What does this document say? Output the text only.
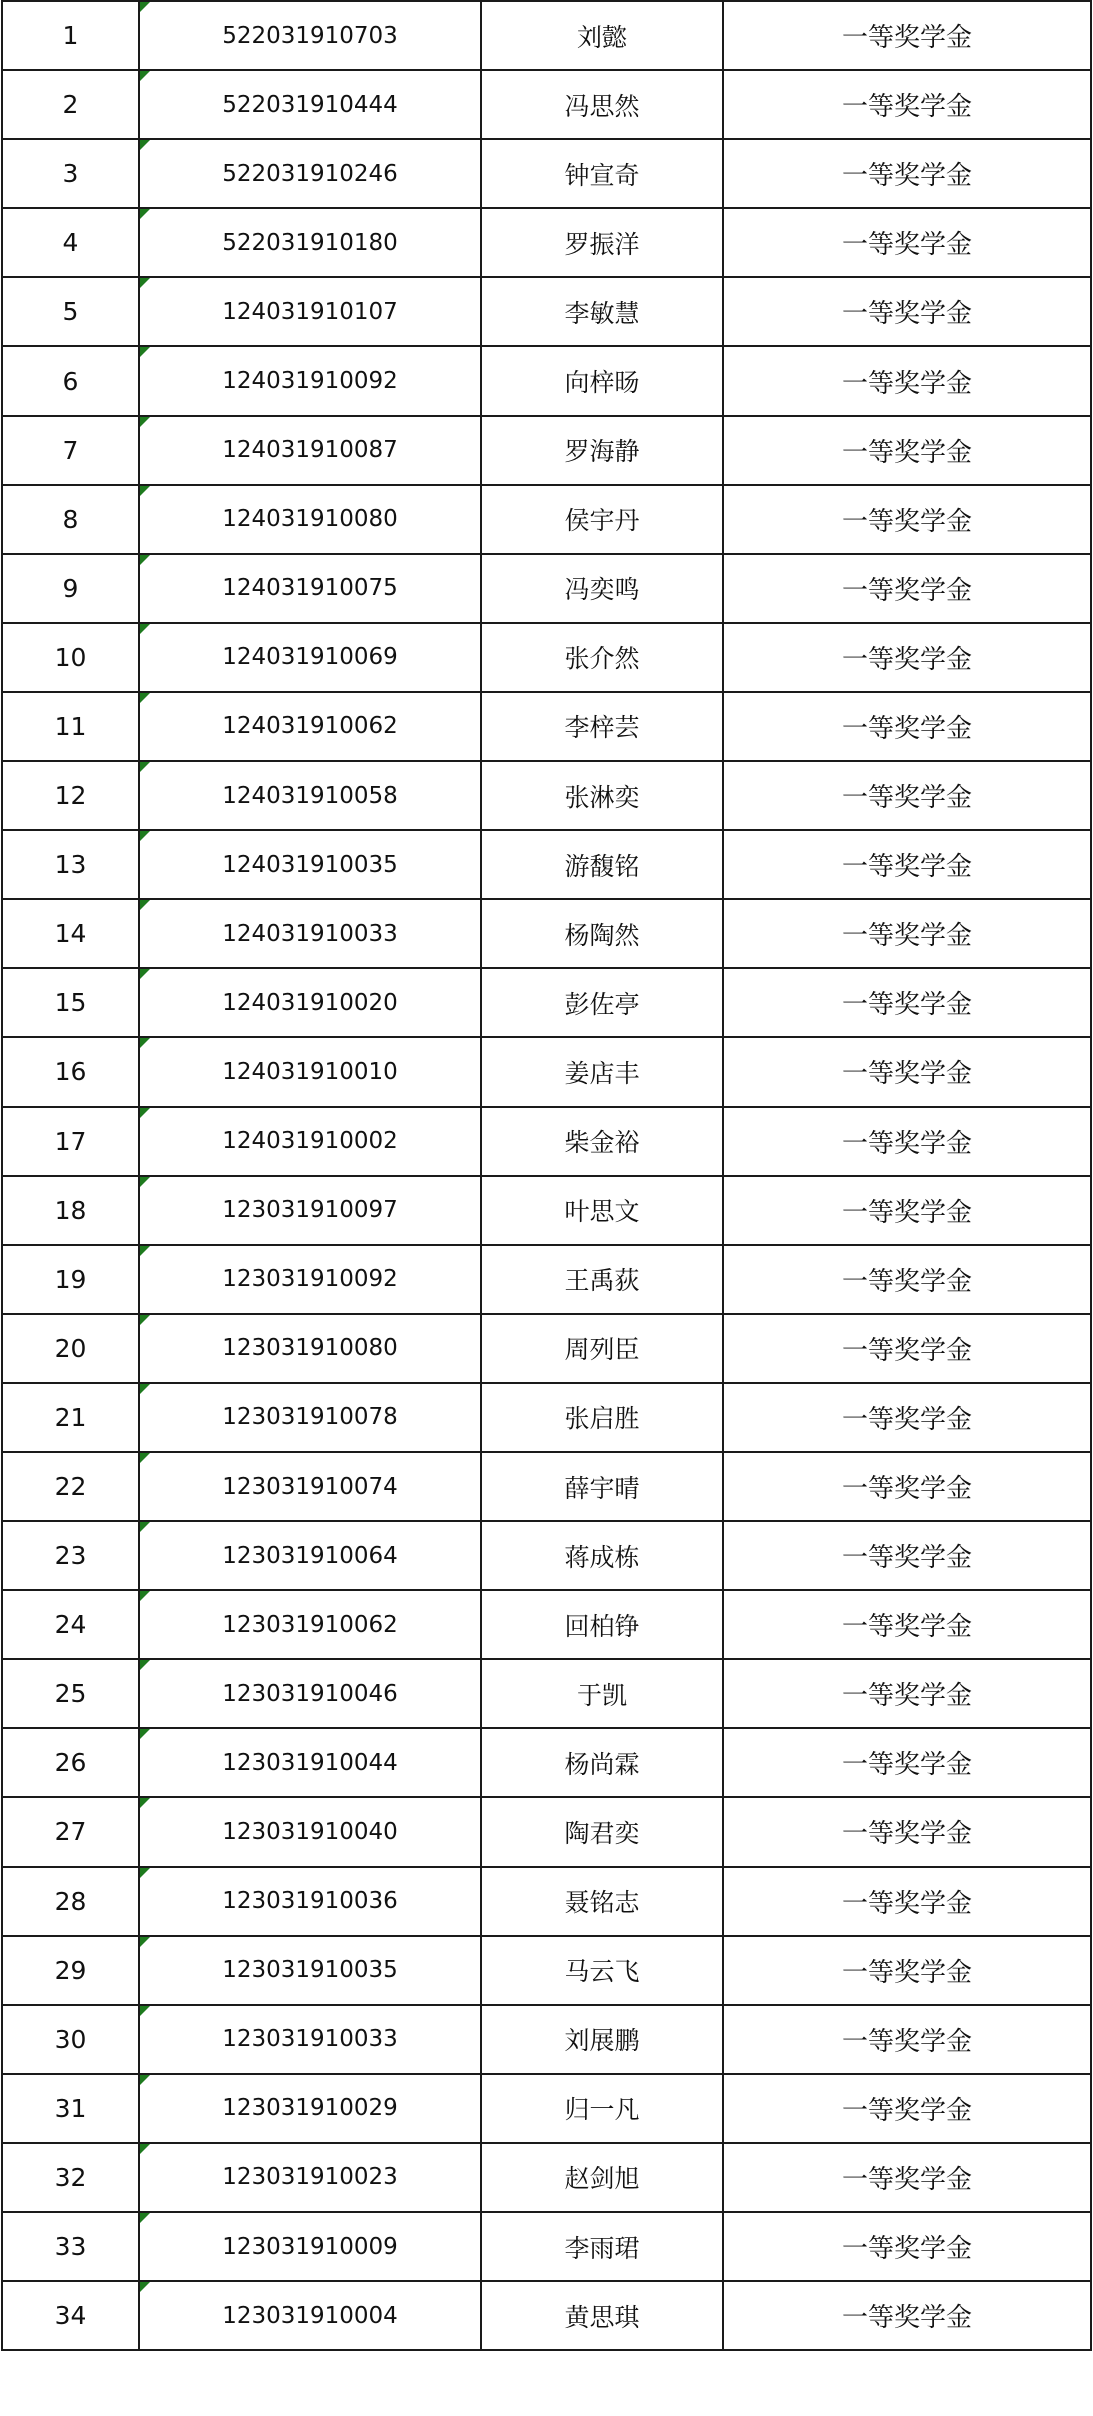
1	522031910703	刘懿	一等奖学金
2	522031910444	冯思然	一等奖学金
3	522031910246	钟宣奇	一等奖学金
4	522031910180	罗振洋	一等奖学金
5	124031910107	李敏慧	一等奖学金
6	124031910092	向梓旸	一等奖学金
7	124031910087	罗海静	一等奖学金
8	124031910080	侯宇丹	一等奖学金
9	124031910075	冯奕鸣	一等奖学金
10	124031910069	张介然	一等奖学金
11	124031910062	李梓芸	一等奖学金
12	124031910058	张淋奕	一等奖学金
13	124031910035	游馥铭	一等奖学金
14	124031910033	杨陶然	一等奖学金
15	124031910020	彭佐亭	一等奖学金
16	124031910010	姜店丰	一等奖学金
17	124031910002	柴金裕	一等奖学金
18	123031910097	叶思文	一等奖学金
19	123031910092	王禹荻	一等奖学金
20	123031910080	周列臣	一等奖学金
21	123031910078	张启胜	一等奖学金
22	123031910074	薛宇晴	一等奖学金
23	123031910064	蒋成栋	一等奖学金
24	123031910062	回柏铮	一等奖学金
25	123031910046	于凯	一等奖学金
26	123031910044	杨尚霖	一等奖学金
27	123031910040	陶君奕	一等奖学金
28	123031910036	聂铭志	一等奖学金
29	123031910035	马云飞	一等奖学金
30	123031910033	刘展鹏	一等奖学金
31	123031910029	归一凡	一等奖学金
32	123031910023	赵剑旭	一等奖学金
33	123031910009	李雨珺	一等奖学金
34	123031910004	黄思琪	一等奖学金
